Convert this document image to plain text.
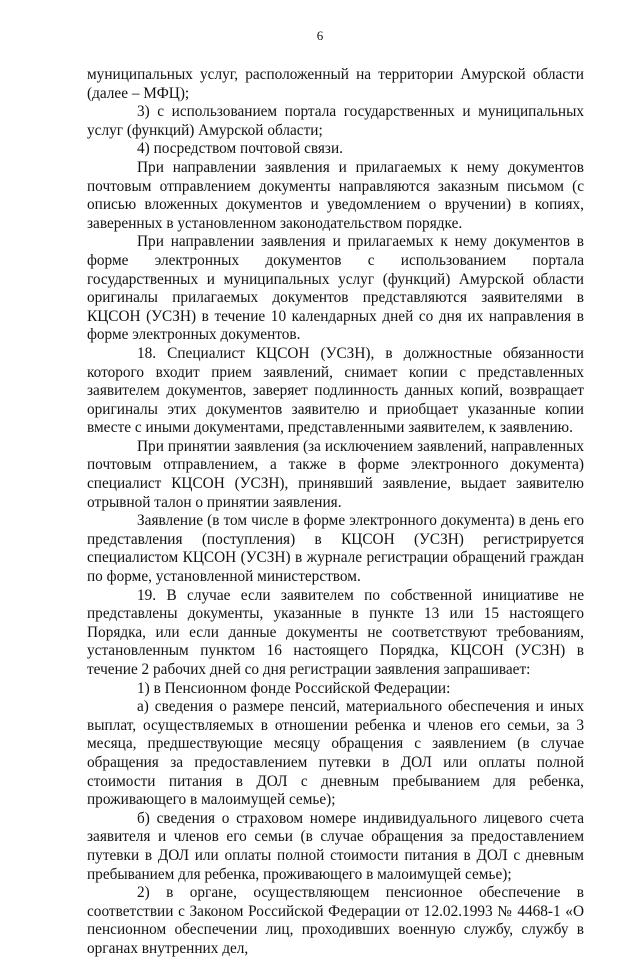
6

муниципальных услуг, расположенный на территории Амурской области (далее – МФЦ);

3) с использованием портала государственных и муниципальных услуг (функций) Амурской области;

4) посредством почтовой связи.

При направлении заявления и прилагаемых к нему документов почтовым отправлением документы направляются заказным письмом (с описью вложенных документов и уведомлением о вручении) в копиях, заверенных в установленном законодательством порядке.

При направлении заявления и прилагаемых к нему документов в форме электронных документов с использованием портала государственных и муниципальных услуг (функций) Амурской области оригиналы прилагаемых документов представляются заявителями в КЦСОН (УСЗН) в течение 10 календарных дней со дня их направления в форме электронных документов.

18. Специалист КЦСОН (УСЗН), в должностные обязанности которого входит прием заявлений, снимает копии с представленных заявителем документов, заверяет подлинность данных копий, возвращает оригиналы этих документов заявителю и приобщает указанные копии вместе с иными документами, представленными заявителем, к заявлению.

При принятии заявления (за исключением заявлений, направленных почтовым отправлением, а также в форме электронного документа) специалист КЦСОН (УСЗН), принявший заявление, выдает заявителю отрывной талон о принятии заявления.

Заявление (в том числе в форме электронного документа) в день его представления (поступления) в КЦСОН (УСЗН) регистрируется специалистом КЦСОН (УСЗН) в журнале регистрации обращений граждан по форме, установленной министерством.

19. В случае если заявителем по собственной инициативе не представлены документы, указанные в пункте 13 или 15 настоящего Порядка, или если данные документы не соответствуют требованиям, установленным пунктом 16 настоящего Порядка, КЦСОН (УСЗН) в течение 2 рабочих дней со дня регистрации заявления запрашивает:

1) в Пенсионном фонде Российской Федерации:

а) сведения о размере пенсий, материального обеспечения и иных выплат, осуществляемых в отношении ребенка и членов его семьи, за 3 месяца, предшествующие месяцу обращения с заявлением (в случае обращения за предоставлением путевки в ДОЛ или оплаты полной стоимости питания в ДОЛ с дневным пребыванием для ребенка, проживающего в малоимущей семье);

б) сведения о страховом номере индивидуального лицевого счета заявителя и членов его семьи (в случае обращения за предоставлением путевки в ДОЛ или оплаты полной стоимости питания в ДОЛ с дневным пребыванием для ребенка, проживающего в малоимущей семье);

2) в органе, осуществляющем пенсионное обеспечение в соответствии с Законом Российской Федерации от 12.02.1993 № 4468-1 «О пенсионном обеспечении лиц, проходивших военную службу, службу в органах внутренних дел,
